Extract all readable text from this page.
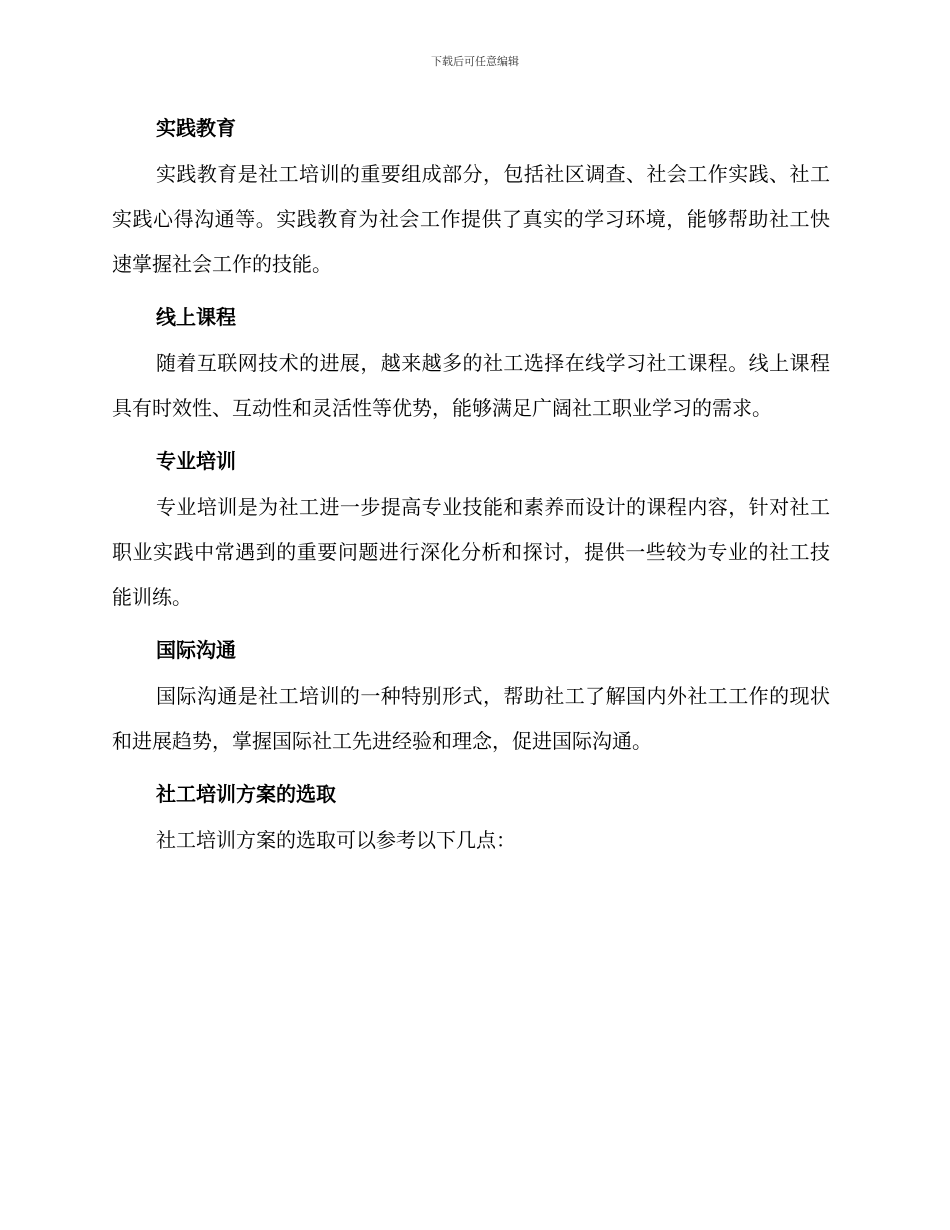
下载后可任意编辑
实践教育

实践教育是社工培训的重要组成部分，包括社区调查、社会工作实践、社工实践心得沟通等。实践教育为社会工作提供了真实的学习环境，能够帮助社工快速掌握社会工作的技能。

线上课程

随着互联网技术的进展，越来越多的社工选择在线学习社工课程。线上课程具有时效性、互动性和灵活性等优势，能够满足广阔社工职业学习的需求。

专业培训

专业培训是为社工进一步提高专业技能和素养而设计的课程内容，针对社工职业实践中常遇到的重要问题进行深化分析和探讨，提供一些较为专业的社工技能训练。

国际沟通

国际沟通是社工培训的一种特别形式，帮助社工了解国内外社工工作的现状和进展趋势，掌握国际社工先进经验和理念，促进国际沟通。

社工培训方案的选取

社工培训方案的选取可以参考以下几点：
